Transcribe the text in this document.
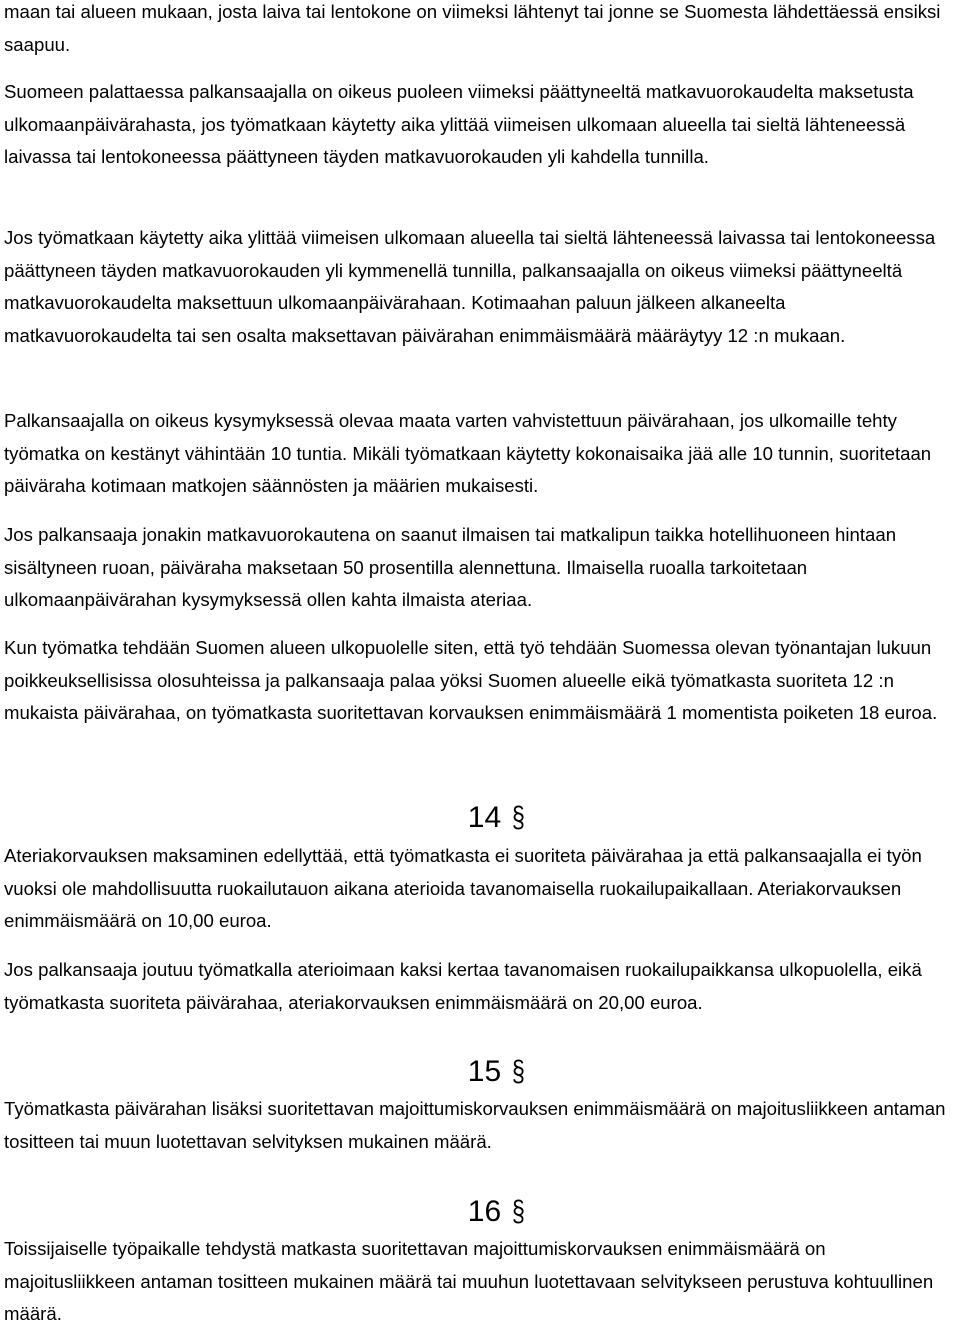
maan tai alueen mukaan, josta laiva tai lentokone on viimeksi lähtenyt tai jonne se Suomesta lähdettäessä ensiksi saapuu.

Suomeen palattaessa palkansaajalla on oikeus puoleen viimeksi päättyneeltä matkavuorokaudelta maksetusta ulkomaanpäivärahasta, jos työmatkaan käytetty aika ylittää viimeisen ulkomaan alueella tai sieltä lähteneessä laivassa tai lentokoneessa päättyneen täyden matkavuorokauden yli kahdella tunnilla.

Jos työmatkaan käytetty aika ylittää viimeisen ulkomaan alueella tai sieltä lähteneessä laivassa tai lentokoneessa päättyneen täyden matkavuorokauden yli kymmenellä tunnilla, palkansaajalla on oikeus viimeksi päättyneeltä matkavuorokaudelta maksettuun ulkomaanpäivärahaan. Kotimaahan paluun jälkeen alkaneelta matkavuorokaudelta tai sen osalta maksettavan päivärahan enimmäismäärä määräytyy 12 :n mukaan.

Palkansaajalla on oikeus kysymyksessä olevaa maata varten vahvistettuun päivärahaan, jos ulkomaille tehty työmatka on kestänyt vähintään 10 tuntia. Mikäli työmatkaan käytetty kokonaisaika jää alle 10 tunnin, suoritetaan päiväraha kotimaan matkojen säännösten ja määrien mukaisesti.

Jos palkansaaja jonakin matkavuorokautena on saanut ilmaisen tai matkalipun taikka hotellihuoneen hintaan sisältyneen ruoan, päiväraha maksetaan 50 prosentilla alennettuna. Ilmaisella ruoalla tarkoitetaan ulkomaanpäivärahan kysymyksessä ollen kahta ilmaista ateriaa.

Kun työmatka tehdään Suomen alueen ulkopuolelle siten, että työ tehdään Suomessa olevan työnantajan lukuun poikkeuksellisissa olosuhteissa ja palkansaaja palaa yöksi Suomen alueelle eikä työmatkasta suoriteta 12 :n mukaista päivärahaa, on työmatkasta suoritettavan korvauksen enimmäismäärä 1 momentista poiketen 18 euroa.

14 §

Ateriakorvauksen maksaminen edellyttää, että työmatkasta ei suoriteta päivärahaa ja että palkansaajalla ei työn vuoksi ole mahdollisuutta ruokailutauon aikana aterioida tavanomaisella ruokailupaikallaan. Ateriakorvauksen enimmäismäärä on 10,00 euroa.

Jos palkansaaja joutuu työmatkalla aterioimaan kaksi kertaa tavanomaisen ruokailupaikkansa ulkopuolella, eikä työmatkasta suoriteta päivärahaa, ateriakorvauksen enimmäismäärä on 20,00 euroa.

15 §

Työmatkasta päivärahan lisäksi suoritettavan majoittumiskorvauksen enimmäismäärä on majoitusliikkeen antaman tositteen tai muun luotettavan selvityksen mukainen määrä.

16 §

Toissijaiselle työpaikalle tehdystä matkasta suoritettavan majoittumiskorvauksen enimmäismäärä on majoitusliikkeen antaman tositteen mukainen määrä tai muuhun luotettavaan selvitykseen perustuva kohtuullinen määrä.
